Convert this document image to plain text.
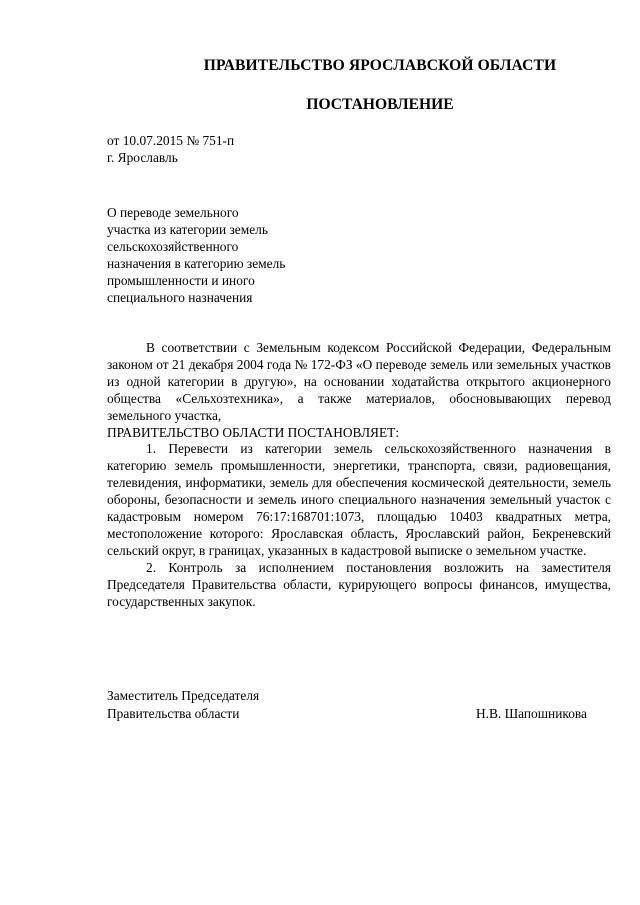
ПРАВИТЕЛЬСТВО ЯРОСЛАВСКОЙ ОБЛАСТИ
ПОСТАНОВЛЕНИЕ
от 10.07.2015 № 751-п
г. Ярославль
О переводе земельного
участка из категории земель
сельскохозяйственного
назначения в категорию земель
промышленности и иного
специального назначения

В соответствии с Земельным кодексом Российской Федерации, Федеральным законом от 21 декабря 2004 года № 172-ФЗ «О переводе земель или земельных участков из одной категории в другую», на основании ходатайства открытого акционерного общества «Сельхозтехника», а также материалов, обосновывающих перевод земельного участка,

ПРАВИТЕЛЬСТВО ОБЛАСТИ ПОСТАНОВЛЯЕТ:

1. Перевести из категории земель сельскохозяйственного назначения в категорию земель промышленности, энергетики, транспорта, связи, радиовещания, телевидения, информатики, земель для обеспечения космической деятельности, земель обороны, безопасности и земель иного специального назначения земельный участок с кадастровым номером 76:17:168701:1073, площадью 10403 квадратных метра, местоположение которого: Ярославская область, Ярославский район, Бекреневский сельский округ, в границах, указанных в кадастровой выписке о земельном участке.

2. Контроль за исполнением постановления возложить на заместителя Председателя Правительства области, курирующего вопросы финансов, имущества, государственных закупок.

Заместитель Председателя
Правительства области	Н.В. Шапошникова
